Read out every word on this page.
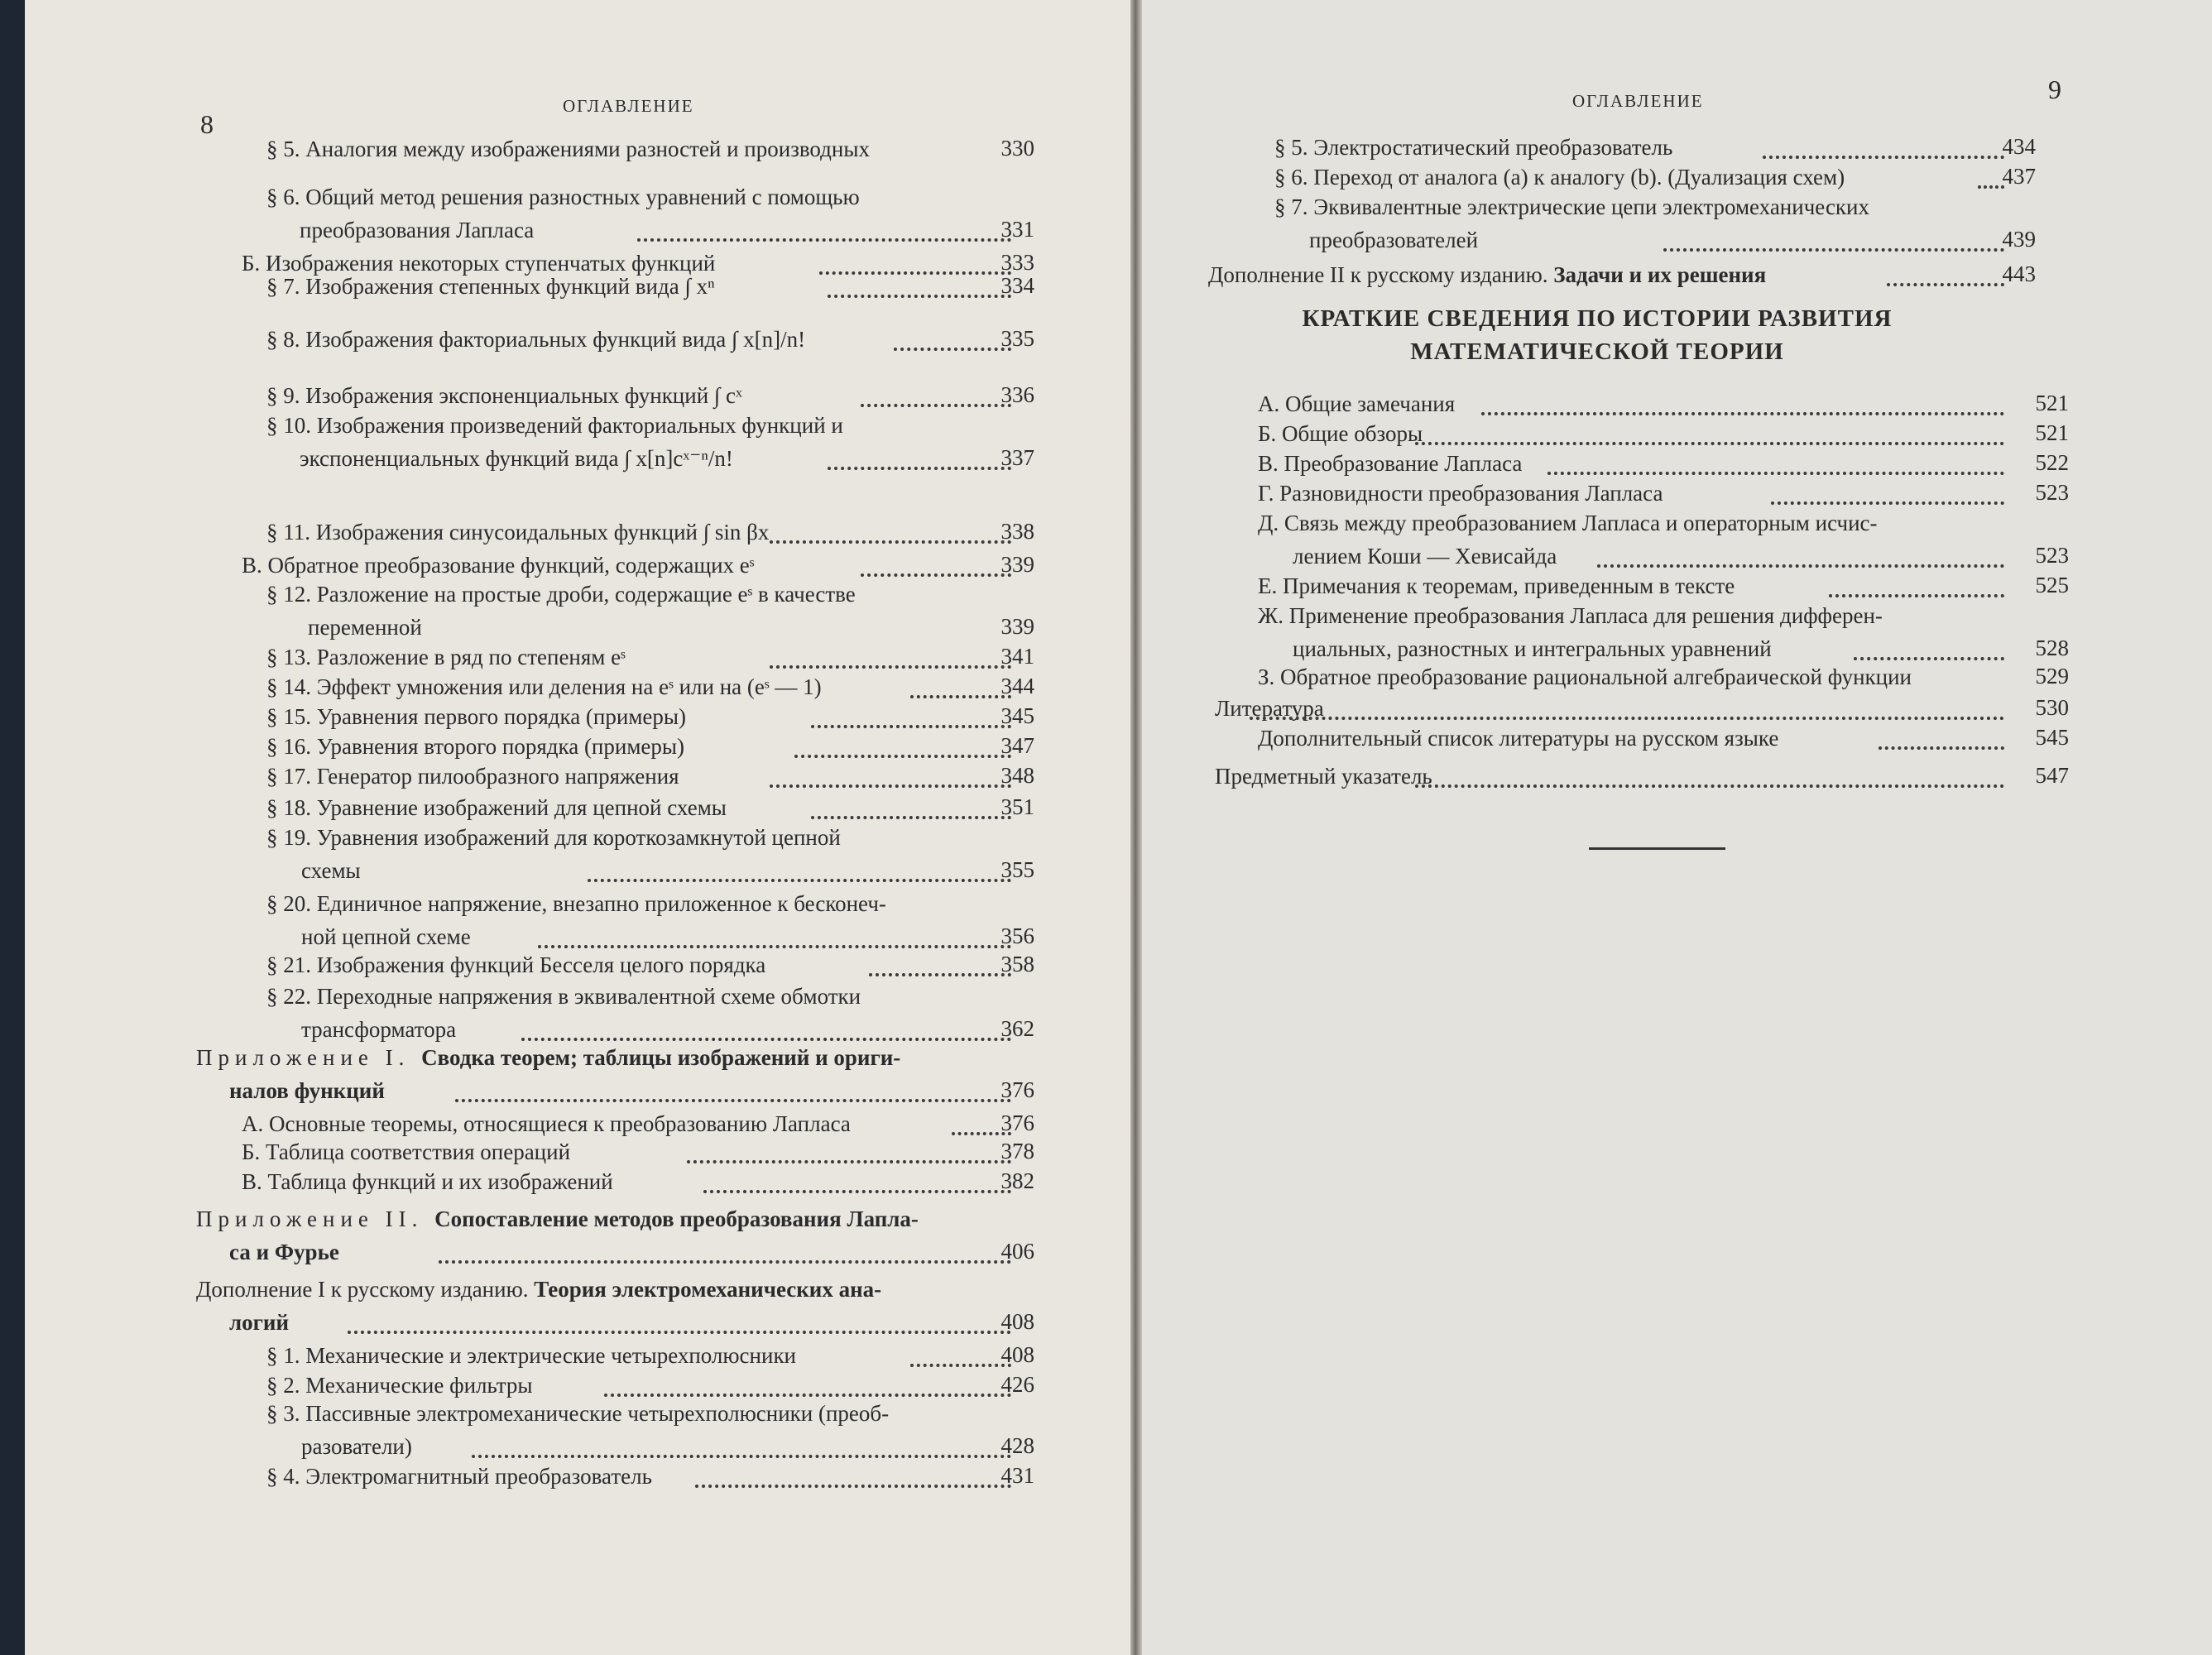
8
ОГЛАВЛЕНИЕ
§ 5. Аналогия между изображениями разностей и производных	330
§ 6. Общий метод решения разностных уравнений с помощью
преобразования Лапласа	331
Б. Изображения некоторых ступенчатых функций	333
§ 7. Изображения степенных функций вида ∫ xⁿ	334
§ 8. Изображения факториальных функций вида ∫ x[n]/n!	335
§ 9. Изображения экспоненциальных функций ∫ cˣ	336
§ 10. Изображения произведений факториальных функций и
экспоненциальных функций вида ∫ x[n]cˣ⁻ⁿ/n!	337
§ 11. Изображения синусоидальных функций ∫ sin βx	338
В. Обратное преобразование функций, содержащих eˢ	339
§ 12. Разложение на простые дроби, содержащие eˢ в качестве
переменной	339
§ 13. Разложение в ряд по степеням eˢ	341
§ 14. Эффект умножения или деления на eˢ или на (eˢ — 1)	344
§ 15. Уравнения первого порядка (примеры)	345
§ 16. Уравнения второго порядка (примеры)	347
§ 17. Генератор пилообразного напряжения	348
§ 18. Уравнение изображений для цепной схемы	351
§ 19. Уравнения изображений для короткозамкнутой цепной
схемы	355
§ 20. Единичное напряжение, внезапно приложенное к бесконеч-
ной цепной схеме	356
§ 21. Изображения функций Бесселя целого порядка	358
§ 22. Переходные напряжения в эквивалентной схеме обмотки
трансформатора	362
Приложение I. Сводка теорем; таблицы изображений и ориги-
налов функций	376
А. Основные теоремы, относящиеся к преобразованию Лапласа	376
Б. Таблица соответствия операций	378
В. Таблица функций и их изображений	382
Приложение II. Сопоставление методов преобразования Лапла-
са и Фурье	406
Дополнение I к русскому изданию. Теория электромеханических ана-
логий	408
§ 1. Механические и электрические четырехполюсники	408
§ 2. Механические фильтры	426
§ 3. Пассивные электромеханические четырехполюсники (преоб-
разователи)	428
§ 4. Электромагнитный преобразователь	431
9
ОГЛАВЛЕНИЕ
§ 5. Электростатический преобразователь	434
§ 6. Переход от аналога (a) к аналогу (b). (Дуализация схем)	437
§ 7. Эквивалентные электрические цепи электромеханических
преобразователей	439
Дополнение II к русскому изданию. Задачи и их решения	443
КРАТКИЕ СВЕДЕНИЯ ПО ИСТОРИИ РАЗВИТИЯ
МАТЕМАТИЧЕСКОЙ ТЕОРИИ
А. Общие замечания	521
Б. Общие обзоры	521
В. Преобразование Лапласа	522
Г. Разновидности преобразования Лапласа	523
Д. Связь между преобразованием Лапласа и операторным исчис-
лением Коши — Хевисайда	523
Е. Примечания к теоремам, приведенным в тексте	525
Ж. Применение преобразования Лапласа для решения дифферен-
циальных, разностных и интегральных уравнений	528
З. Обратное преобразование рациональной алгебраической функции	529
Литература	530
Дополнительный список литературы на русском языке	545
Предметный указатель	547
